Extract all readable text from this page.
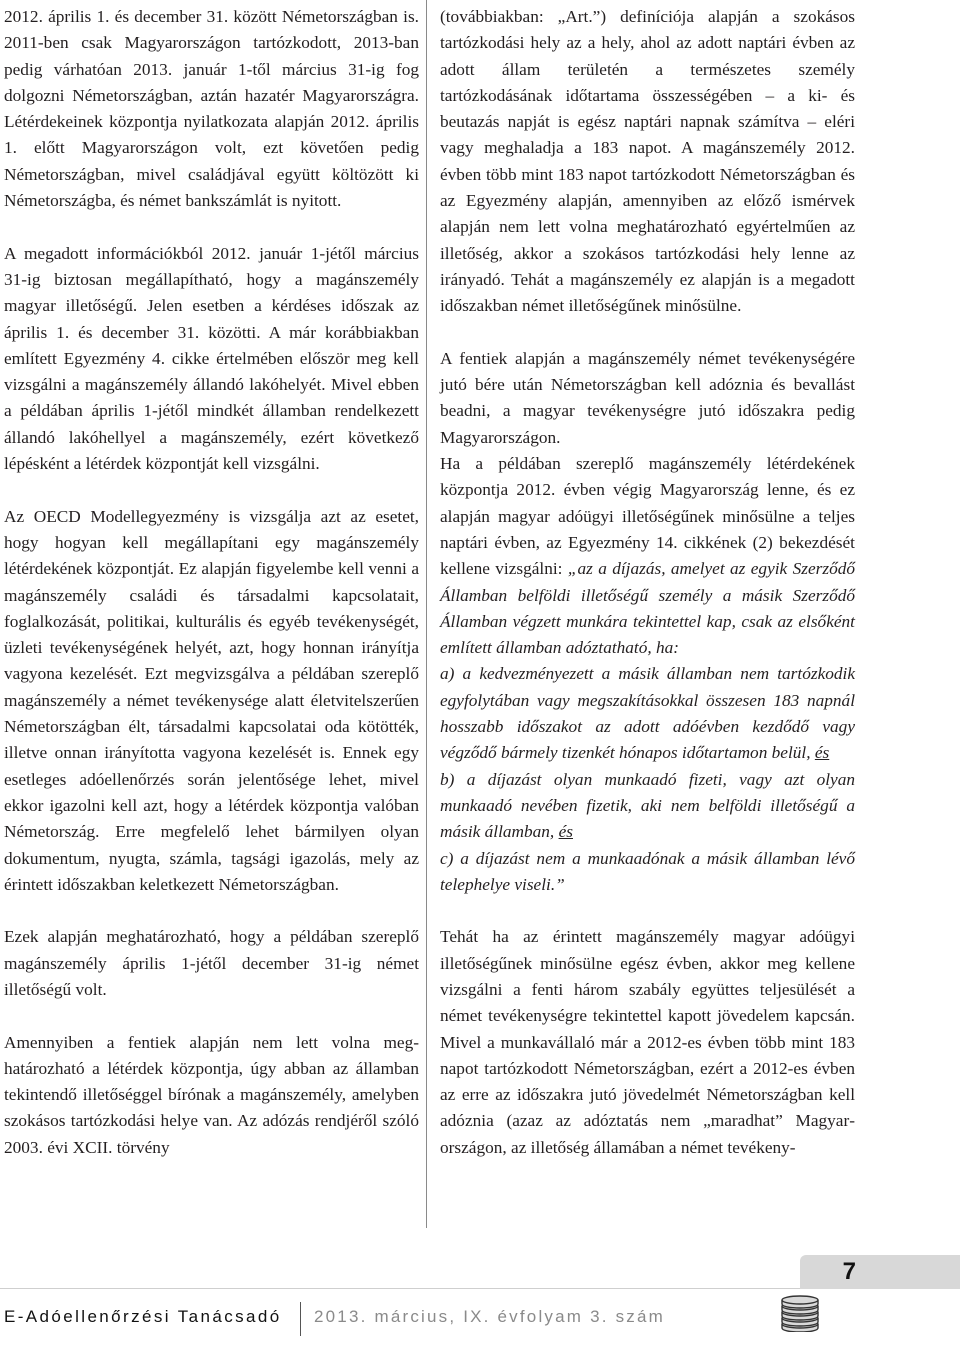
2012. április 1. és december 31. között Németországban is. 2011-ben csak Magyarországon tartózkodott, 2013-ban pedig várhatóan 2013. január 1-től március 31-ig fog dolgozni Németországban, aztán hazatér Magyarországra. Létérdekeinek központja nyilatkozata alapján 2012. április 1. előtt Magyarországon volt, ezt követően pedig Németországban, mivel családjával együtt költözött ki Németországba, és német bankszámlát is nyitott.

A megadott információkból 2012. január 1-jétől március 31-ig biztosan megállapítható, hogy a magánszemély magyar illetőségű. Jelen esetben a kérdéses időszak az április 1. és december 31. közötti. A már korábbiakban említett Egyezmény 4. cikke értelmében először meg kell vizsgálni a magánszemély állandó lakóhelyét. Mivel ebben a példában április 1-jétől mindkét államban rendelkezett állandó lakóhellyel a magánszemély, ezért következő lépésként a létérdek központját kell vizsgálni.

Az OECD Modellegyezmény is vizsgálja azt az esetet, hogy hogyan kell megállapítani egy magánszemély létérdekének központját. Ez alapján figyelembe kell venni a magánszemély családi és társadalmi kapcsolatait, foglalkozását, politikai, kulturális és egyéb tevékenységét, üzleti tevékenységének helyét, azt, hogy honnan irányítja vagyona kezelését. Ezt megvizsgálva a példában szereplő magánszemély a német tevékenysége alatt életvitelszerűen Németországban élt, társadalmi kapcsolatai oda kötötték, illetve onnan irányította vagyona kezelését is. Ennek egy esetleges adóellenőrzés során jelentősége lehet, mivel ekkor igazolni kell azt, hogy a létérdek központja valóban Németország. Erre megfelelő lehet bármilyen olyan dokumentum, nyugta, számla, tagsági igazolás, mely az érintett időszakban keletkezett Németországban.

Ezek alapján meghatározható, hogy a példában szereplő magánszemély április 1-jétől december 31-ig német illetőségű volt.

Amennyiben a fentiek alapján nem lett volna meghatározható a létérdek központja, úgy abban az államban tekintendő illetőséggel bírónak a magánszemély, amelyben szokásos tartózkodási helye van. Az adózás rendjéről szóló 2003. évi XCII. törvény

(továbbiakban: „Art.”) definíciója alapján a szokásos tartózkodási hely az a hely, ahol az adott naptári évben az adott állam területén a természetes személy tartózkodásának időtartama összességében – a ki- és beutazás napját is egész naptári napnak számítva – eléri vagy meghaladja a 183 napot. A magánszemély 2012. évben több mint 183 napot tartózkodott Németországban és az Egyezmény alapján, amennyiben az előző ismérvek alapján nem lett volna meghatározható egyértelműen az illetőség, akkor a szokásos tartózkodási hely lenne az irányadó. Tehát a magánszemély ez alapján is a megadott időszakban német illetőségűnek minősülne.

A fentiek alapján a magánszemély német tevékenységére jutó bére után Németországban kell adóznia és bevallást beadni, a magyar tevékenységre jutó időszakra pedig Magyarországon.

Ha a példában szereplő magánszemély létérdekének központja 2012. évben végig Magyarország lenne, és ez alapján magyar adóügyi illetőségűnek minősülne a teljes naptári évben, az Egyezmény 14. cikkének (2) bekezdését kellene vizsgálni: „az a díjazás, amelyet az egyik Szerződő Államban belföldi illetőségű személy a másik Szerződő Államban végzett munkára tekintettel kap, csak az elsőként említett államban adóztatható, ha:

a) a kedvezményezett a másik államban nem tartózkodik egyfolytában vagy megszakításokkal összesen 183 napnál hosszabb időszakot az adott adóévben kezdődő vagy végződő bármely tizenkét hónapos időtartamon belül, és

b) a díjazást olyan munkaadó fizeti, vagy azt olyan munkaadó nevében fizetik, aki nem belföldi illetőségű a másik államban, és

c) a díjazást nem a munkaadónak a másik államban lévő telephelye viseli.”

Tehát ha az érintett magánszemély magyar adóügyi illetőségűnek minősülne egész évben, akkor meg kellene vizsgálni a fenti három szabály együttes teljesülését a német tevékenységre tekintettel kapott jövedelem kapcsán. Mivel a munkavállaló már a 2012-es évben több mint 183 napot tartózkodott Németországban, ezért a 2012-es évben az erre az időszakra jutó jövedelmét Németországban kell adóznia (azaz az adóztatás nem „maradhat” Magyarországon, az illetőség államában a német tevékeny-

7
E-Adóellenőrzési Tanácsadó 2013. március, IX. évfolyam 3. szám
